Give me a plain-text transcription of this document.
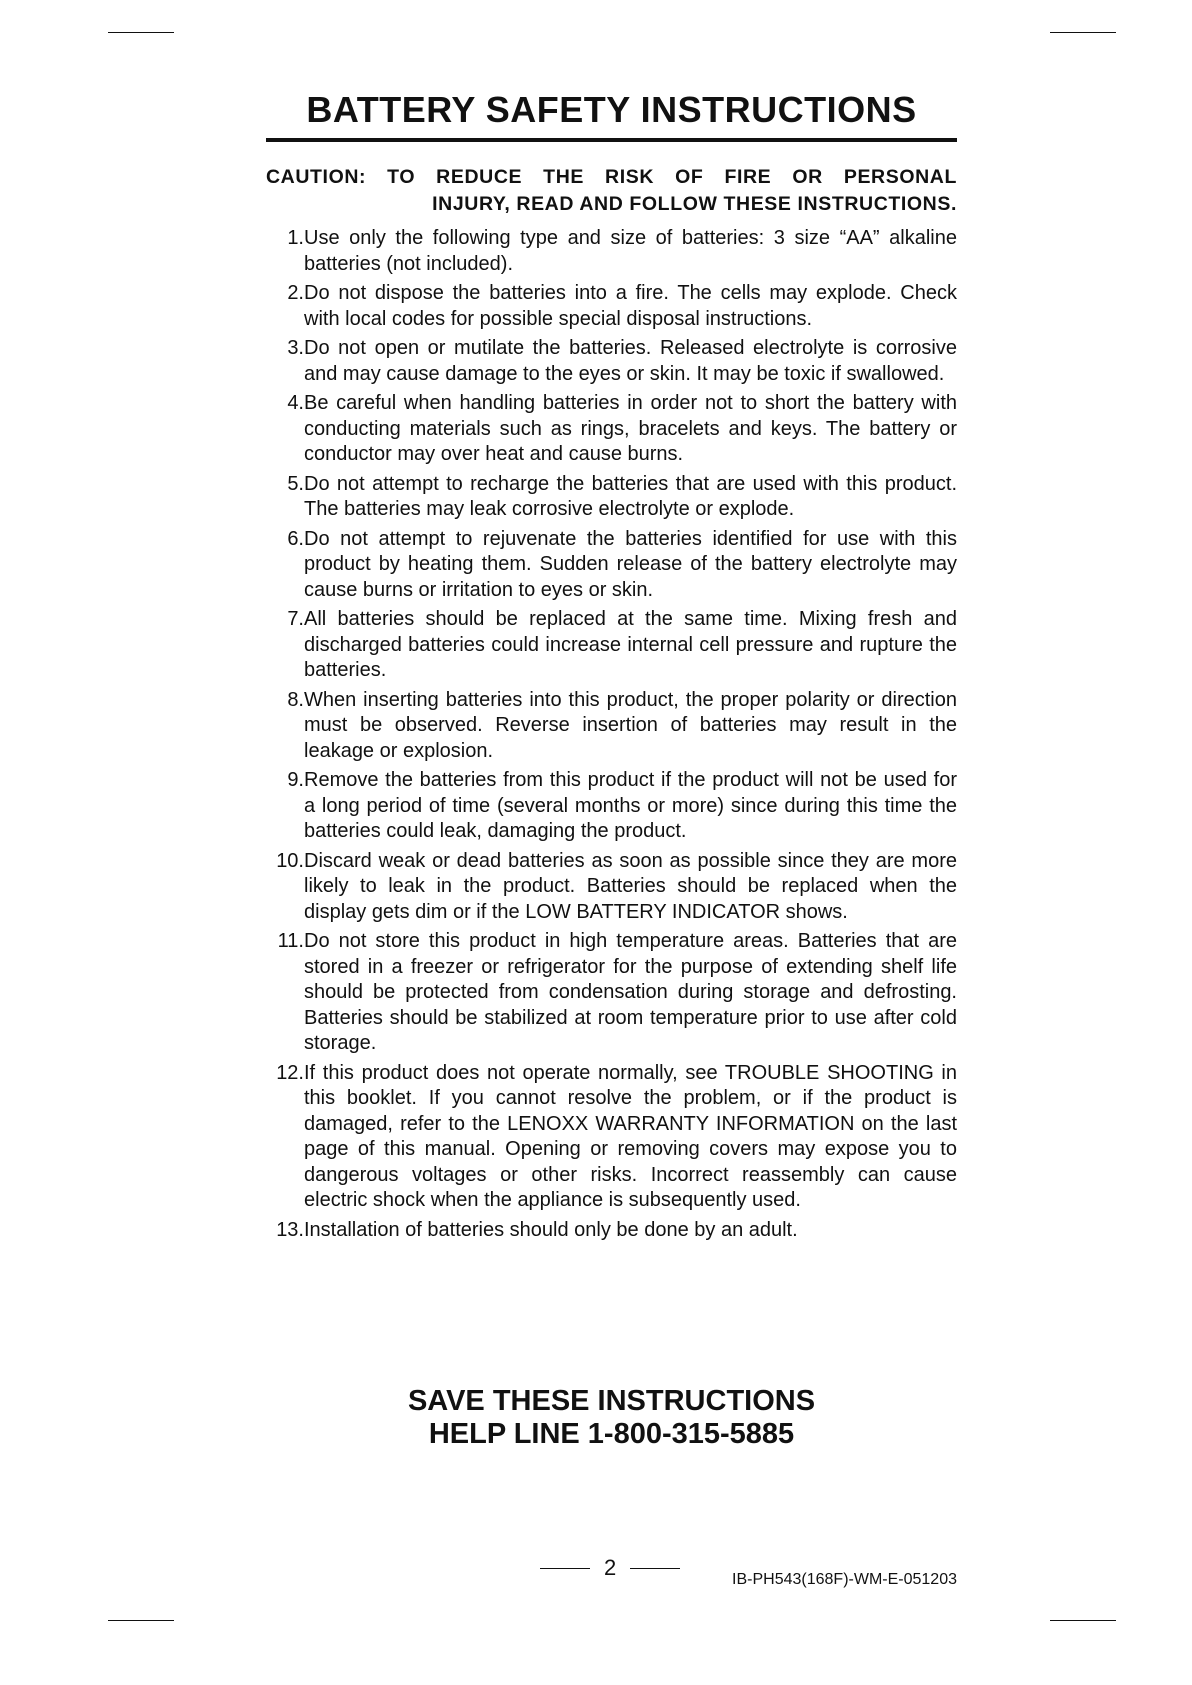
BATTERY SAFETY INSTRUCTIONS
CAUTION: TO REDUCE THE RISK OF FIRE OR PERSONAL
INJURY, READ AND FOLLOW THESE INSTRUCTIONS.
1. Use only the following type and size of batteries: 3 size “AA” alkaline batteries (not included).
2. Do not dispose the batteries into a fire. The cells may explode. Check with local codes for possible special disposal instructions.
3. Do not open or mutilate the batteries. Released electrolyte is corrosive and may cause damage to the eyes or skin. It may be toxic if swallowed.
4. Be careful when handling batteries in order not to short the battery with conducting materials such as rings, bracelets and keys. The battery or conductor may over heat and cause burns.
5. Do not attempt to recharge the batteries that are used with this product. The batteries may leak corrosive electrolyte or explode.
6. Do not attempt to rejuvenate the batteries identified for use with this product by heating them. Sudden release of the battery electrolyte may cause burns or irritation to eyes or skin.
7. All batteries should be replaced at the same time. Mixing fresh and discharged batteries could increase internal cell pressure and rupture the batteries.
8. When inserting batteries into this product, the proper polarity or direction must be observed. Reverse insertion of batteries may result in the leakage or explosion.
9. Remove the batteries from this product if the product will not be used for a long period of time (several months or more) since during this time the batteries could leak, damaging the product.
10. Discard weak or dead batteries as soon as possible since they are more likely to leak in the product. Batteries should be replaced when the display gets dim or if the LOW BATTERY INDICATOR shows.
11. Do not store this product in high temperature areas. Batteries that are stored in a freezer or refrigerator for the purpose of extending shelf life should be protected from condensation during storage and defrosting. Batteries should be stabilized at room temperature prior to use after cold storage.
12. If this product does not operate normally, see TROUBLE SHOOTING in this booklet. If you cannot resolve the problem, or if the product is damaged, refer to the LENOXX WARRANTY INFORMATION on the last page of this manual. Opening or removing covers may expose you to dangerous voltages or other risks. Incorrect reassembly can cause electric shock when the appliance is subsequently used.
13. Installation of batteries should only be done by an adult.
SAVE THESE INSTRUCTIONS
HELP LINE 1-800-315-5885
2	IB-PH543(168F)-WM-E-051203
